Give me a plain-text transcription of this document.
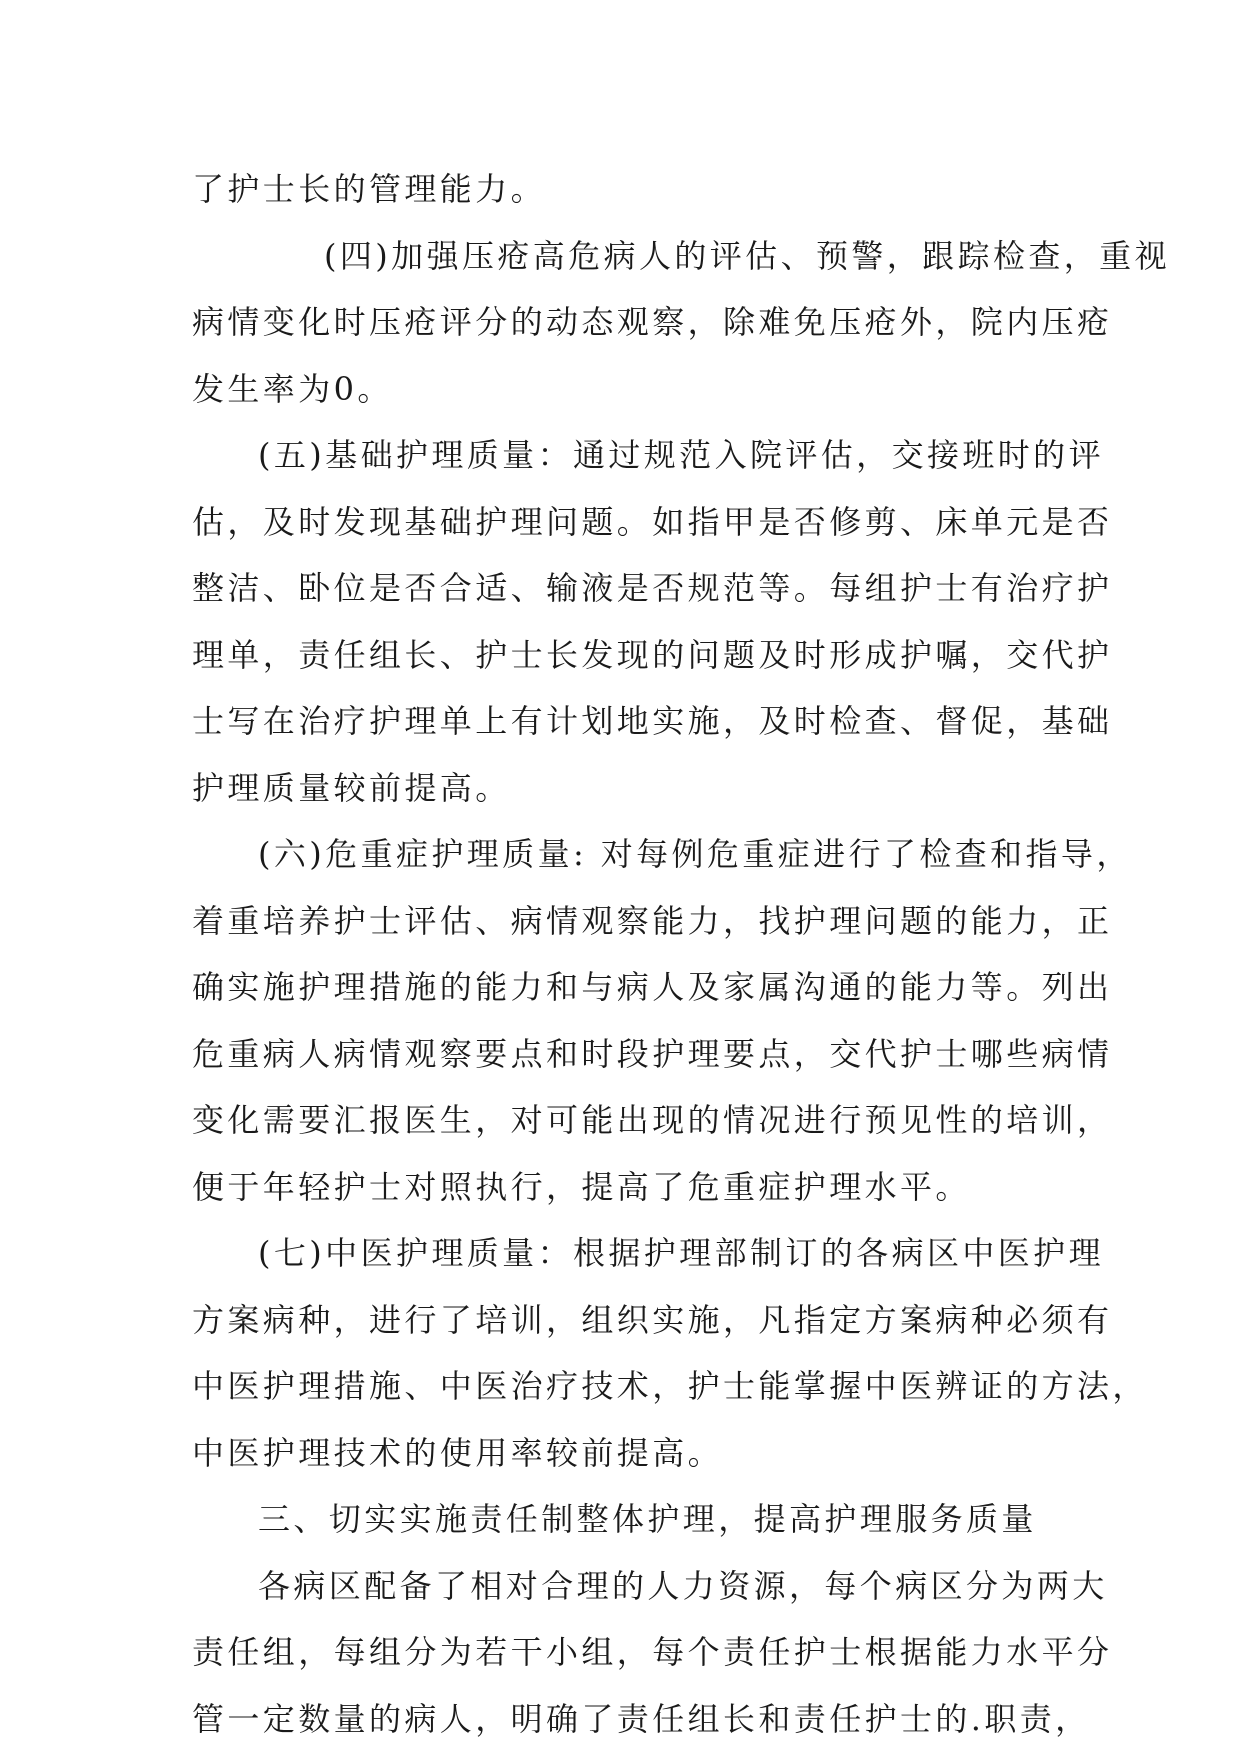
了护士长的管理能力。
(四)加强压疮高危病人的评估、预警，跟踪检查，重视
病情变化时压疮评分的动态观察，除难免压疮外，院内压疮
发生率为0。
(五)基础护理质量：通过规范入院评估，交接班时的评
估，及时发现基础护理问题。如指甲是否修剪、床单元是否
整洁、卧位是否合适、输液是否规范等。每组护士有治疗护
理单，责任组长、护士长发现的问题及时形成护嘱，交代护
士写在治疗护理单上有计划地实施，及时检查、督促，基础
护理质量较前提高。
(六)危重症护理质量: 对每例危重症进行了检查和指导，
着重培养护士评估、病情观察能力，找护理问题的能力，正
确实施护理措施的能力和与病人及家属沟通的能力等。列出
危重病人病情观察要点和时段护理要点，交代护士哪些病情
变化需要汇报医生，对可能出现的情况进行预见性的培训，
便于年轻护士对照执行，提高了危重症护理水平。
(七)中医护理质量：根据护理部制订的各病区中医护理
方案病种，进行了培训，组织实施，凡指定方案病种必须有
中医护理措施、中医治疗技术，护士能掌握中医辨证的方法，
中医护理技术的使用率较前提高。
三、切实实施责任制整体护理，提高护理服务质量
各病区配备了相对合理的人力资源，每个病区分为两大
责任组，每组分为若干小组，每个责任护士根据能力水平分
管一定数量的病人，明确了责任组长和责任护士的.职责，
